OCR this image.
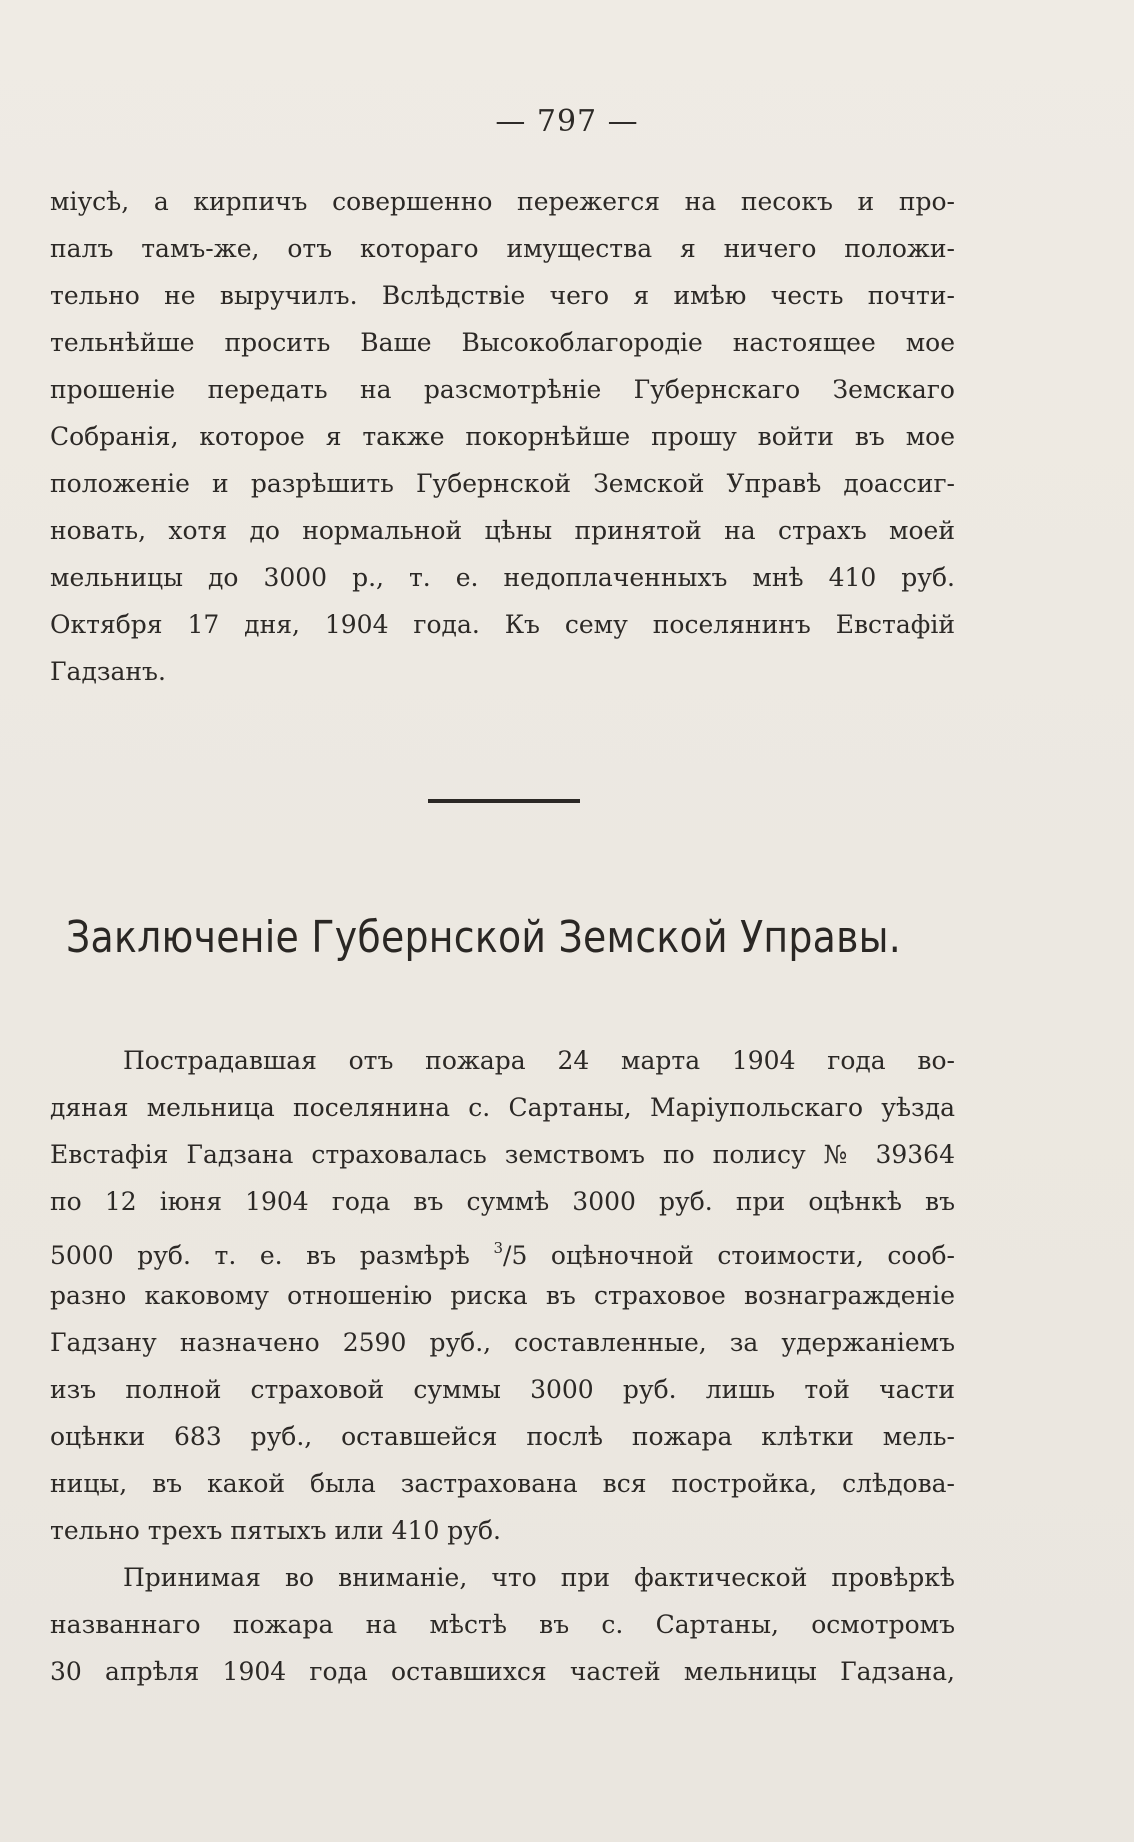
— 797 —
міусѣ, а кирпичъ совершенно пережегся на песокъ и про-
палъ тамъ-же, отъ котораго имущества я ничего положи-
тельно не выручилъ. Вслѣдствіе чего я имѣю честь почти-
тельнѣйше просить Ваше Высокоблагородіе настоящее мое
прошеніе передать на разсмотрѣніе Губернскаго Земскаго
Собранія, которое я также покорнѣйше прошу войти въ мое
положеніе и разрѣшить Губернской Земской Управѣ доассиг-
новать, хотя до нормальной цѣны принятой на страхъ моей
мельницы до 3000 р., т. е. недоплаченныхъ мнѣ 410 руб.
Октября 17 дня, 1904 года. Къ сему поселянинъ Евстафій
Гадзанъ.
Заключеніе Губернской Земской Управы.
Пострадавшая отъ пожара 24 марта 1904 года во-
дяная мельница поселянина с. Сартаны, Маріупольскаго уѣзда
Евстафія Гадзана страховалась земствомъ по полису № 39364
по 12 іюня 1904 года въ суммѣ 3000 руб. при оцѣнкѣ въ
5000 руб. т. е. въ размѣрѣ $^3$/5 оцѣночной стоимости, сооб-
разно каковому отношенію риска въ страховое вознагражденіе
Гадзану назначено 2590 руб., составленные, за удержаніемъ
изъ полной страховой суммы 3000 руб. лишь той части
оцѣнки 683 руб., оставшейся послѣ пожара клѣтки мель-
ницы, въ какой была застрахована вся постройка, слѣдова-
тельно трехъ пятыхъ или 410 руб.
Принимая во вниманіе, что при фактической провѣркѣ
названнаго пожара на мѣстѣ въ с. Сартаны, осмотромъ
30 апрѣля 1904 года оставшихся частей мельницы Гадзана,
